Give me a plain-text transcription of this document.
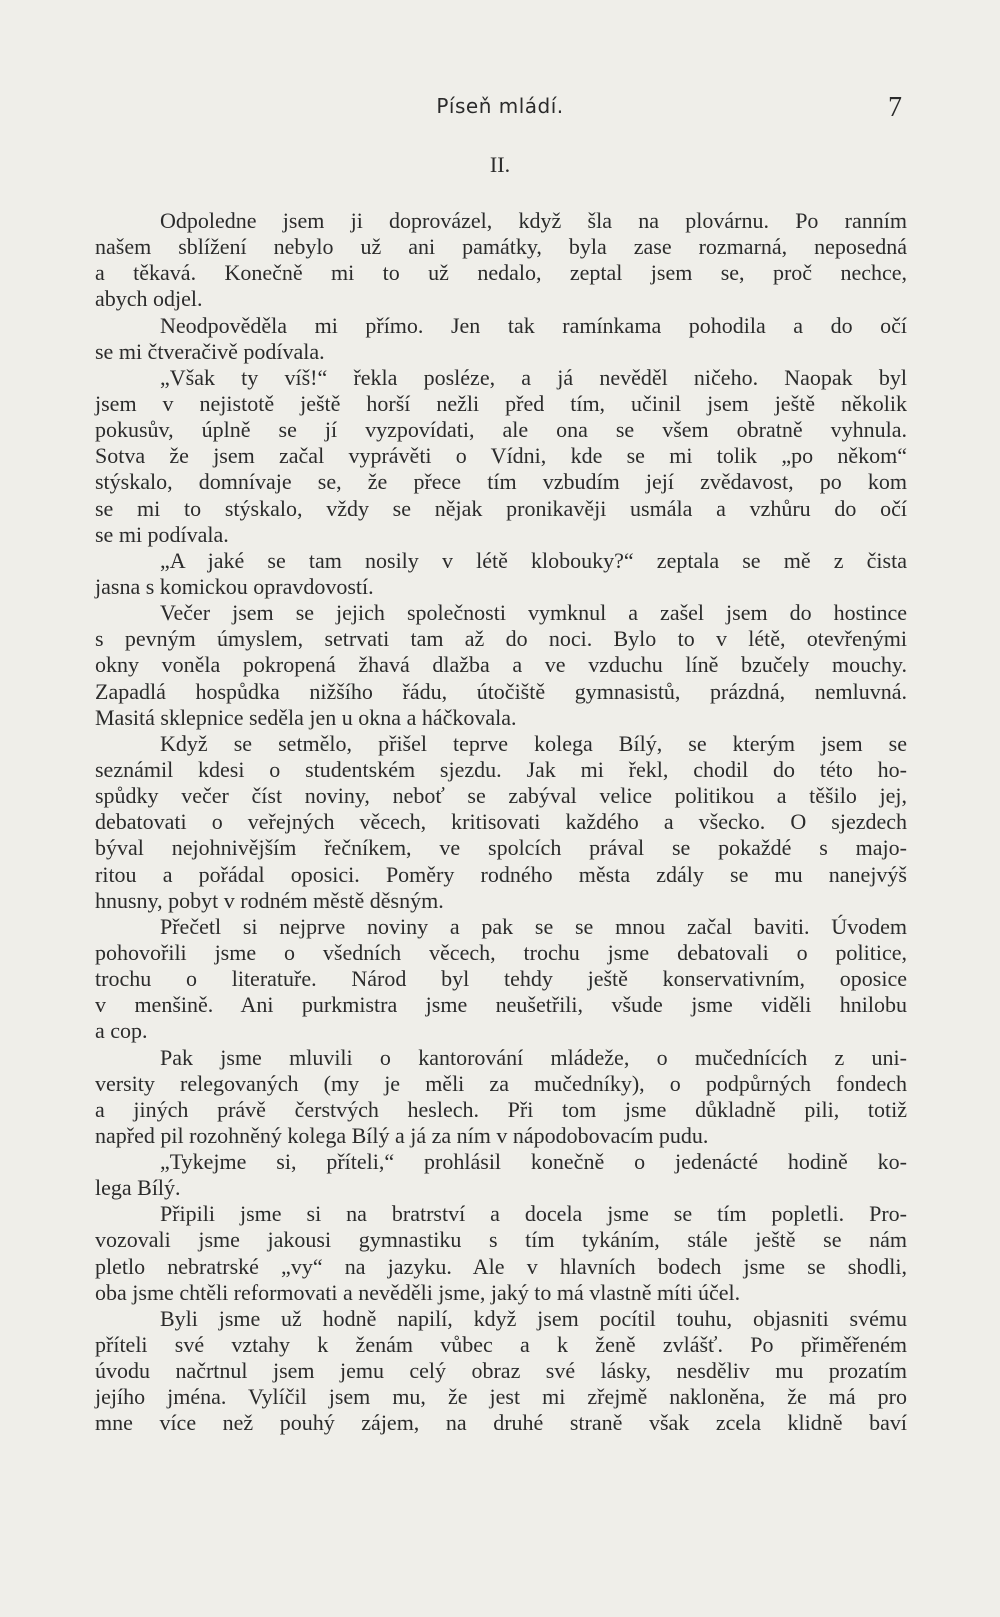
Píseň mládí.	7
II.
Odpoledne jsem ji doprovázel, když šla na plovárnu. Po ranním
našem sblížení nebylo už ani památky, byla zase rozmarná, neposedná
a těkavá. Konečně mi to už nedalo, zeptal jsem se, proč nechce,
abych odjel.
Neodpověděla mi přímo. Jen tak ramínkama pohodila a do očí
se mi čtveračivě podívala.
„Však ty víš!“ řekla posléze, a já nevěděl ničeho. Naopak byl
jsem v nejistotě ještě horší nežli před tím, učinil jsem ještě několik
pokusův, úplně se jí vyzpovídati, ale ona se všem obratně vyhnula.
Sotva že jsem začal vyprávěti o Vídni, kde se mi tolik „po někom“
stýskalo, domnívaje se, že přece tím vzbudím její zvědavost, po kom
se mi to stýskalo, vždy se nějak pronikavěji usmála a vzhůru do očí
se mi podívala.
„A jaké se tam nosily v létě klobouky?“ zeptala se mě z čista
jasna s komickou opravdovostí.
Večer jsem se jejich společnosti vymknul a zašel jsem do hostince
s pevným úmyslem, setrvati tam až do noci. Bylo to v létě, otevřenými
okny voněla pokropená žhavá dlažba a ve vzduchu líně bzučely mouchy.
Zapadlá hospůdka nižšího řádu, útočiště gymnasistů, prázdná, nemluvná.
Masitá sklepnice seděla jen u okna a háčkovala.
Když se setmělo, přišel teprve kolega Bílý, se kterým jsem se
seznámil kdesi o studentském sjezdu. Jak mi řekl, chodil do této ho-
spůdky večer číst noviny, neboť se zabýval velice politikou a těšilo jej,
debatovati o veřejných věcech, kritisovati každého a všecko. O sjezdech
býval nejohnivějším řečníkem, ve spolcích prával se pokaždé s majo-
ritou a pořádal oposici. Poměry rodného města zdály se mu nanejvýš
hnusny, pobyt v rodném městě děsným.
Přečetl si nejprve noviny a pak se se mnou začal baviti. Úvodem
pohovořili jsme o všedních věcech, trochu jsme debatovali o politice,
trochu o literatuře. Národ byl tehdy ještě konservativním, oposice
v menšině. Ani purkmistra jsme neušetřili, všude jsme viděli hnilobu
a cop.
Pak jsme mluvili o kantorování mládeže, o mučednících z uni-
versity relegovaných (my je měli za mučedníky), o podpůrných fondech
a jiných právě čerstvých heslech. Při tom jsme důkladně pili, totiž
napřed pil rozohněný kolega Bílý a já za ním v nápodobovacím pudu.
„Tykejme si, příteli,“ prohlásil konečně o jedenácté hodině ko-
lega Bílý.
Připili jsme si na bratrství a docela jsme se tím popletli. Pro-
vozovali jsme jakousi gymnastiku s tím tykáním, stále ještě se nám
pletlo nebratrské „vy“ na jazyku. Ale v hlavních bodech jsme se shodli,
oba jsme chtěli reformovati a nevěděli jsme, jaký to má vlastně míti účel.
Byli jsme už hodně napilí, když jsem pocítil touhu, objasniti svému
příteli své vztahy k ženám vůbec a k ženě zvlášť. Po přiměřeném
úvodu načrtnul jsem jemu celý obraz své lásky, nesděliv mu prozatím
jejího jména. Vylíčil jsem mu, že jest mi zřejmě nakloněna, že má pro
mne více než pouhý zájem, na druhé straně však zcela klidně baví
